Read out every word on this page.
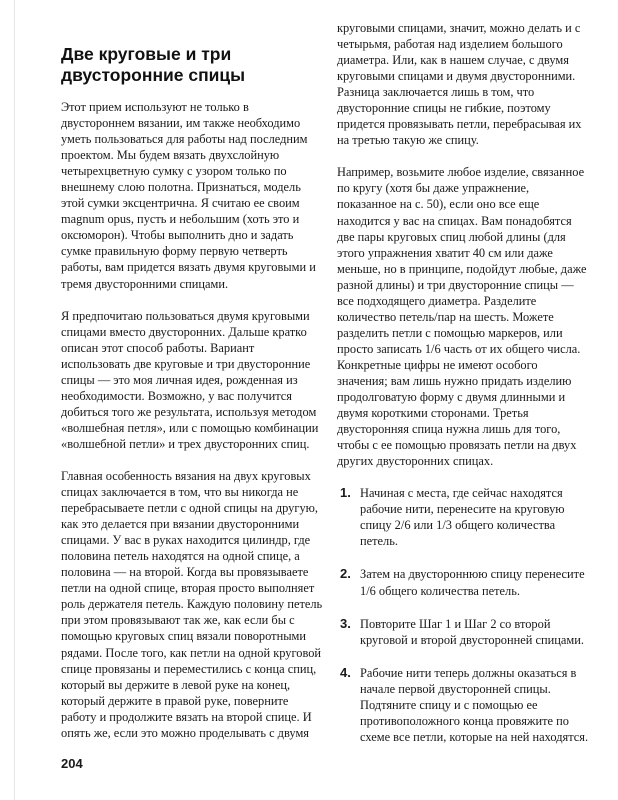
Две круговые и три двусторонние спицы

Этот прием используют не только в двустороннем вязании, им также необходимо уметь пользоваться для работы над последним проектом. Мы будем вязать двухслойную четырехцветную сумку с узором только по внешнему слою полотна. Признаться, модель этой сумки эксцентрична. Я считаю ее своим magnum opus, пусть и небольшим (хоть это и оксюморон). Чтобы выполнить дно и задать сумке правильную форму первую четверть работы, вам придется вязать двумя круговыми и тремя двусторонними спицами.

Я предпочитаю пользоваться двумя круговыми спицами вместо двусторонних. Дальше кратко описан этот способ работы. Вариант использовать две круговые и три двусторонние спицы — это моя личная идея, рожденная из необходимости. Возможно, у вас получится добиться того же результата, используя методом «волшебная петля», или с помощью комбинации «волшебной петли» и трех двусторонних спиц.

Главная особенность вязания на двух круговых спицах заключается в том, что вы никогда не перебрасываете петли с одной спицы на другую, как это делается при вязании двусторонними спицами. У вас в руках находится цилиндр, где половина петель находятся на одной спице, а половина — на второй. Когда вы провязываете петли на одной спице, вторая просто выполняет роль держателя петель. Каждую половину петель при этом провязывают так же, как если бы с помощью круговых спиц вязали поворотными рядами. После того, как петли на одной круговой спице провязаны и переместились с конца спиц, который вы держите в левой руке на конец, который держите в правой руке, поверните работу и продолжите вязать на второй спице. И опять же, если это можно проделывать с двумя

круговыми спицами, значит, можно делать и с четырьмя, работая над изделием большого диаметра. Или, как в нашем случае, с двумя круговыми спицами и двумя двусторонними. Разница заключается лишь в том, что двусторонние спицы не гибкие, поэтому придется провязывать петли, перебрасывая их на третью такую же спицу.

Например, возьмите любое изделие, связанное по кругу (хотя бы даже упражнение, показанное на с. 50), если оно все еще находится у вас на спицах. Вам понадобятся две пары круговых спиц любой длины (для этого упражнения хватит 40 см или даже меньше, но в принципе, подойдут любые, даже разной длины) и три двусторонние спицы — все подходящего диаметра. Разделите количество петель/пар на шесть. Можете разделить петли с помощью маркеров, или просто записать 1/6 часть от их общего числа. Конкретные цифры не имеют особого значения; вам лишь нужно придать изделию продолговатую форму с двумя длинными и двумя короткими сторонами. Третья двусторонняя спица нужна лишь для того, чтобы с ее помощью провязать петли на двух других двусторонних спицах.

1. Начиная с места, где сейчас находятся рабочие нити, перенесите на круговую спицу 2/6 или 1/3 общего количества петель.
2. Затем на двустороннюю спицу перенесите 1/6 общего количества петель.
3. Повторите Шаг 1 и Шаг 2 со второй круговой и второй двусторонней спицами.
4. Рабочие нити теперь должны оказаться в начале первой двусторонней спицы. Подтяните спицу и с помощью ее противоположного конца провяжите по схеме все петли, которые на ней находятся.
204
